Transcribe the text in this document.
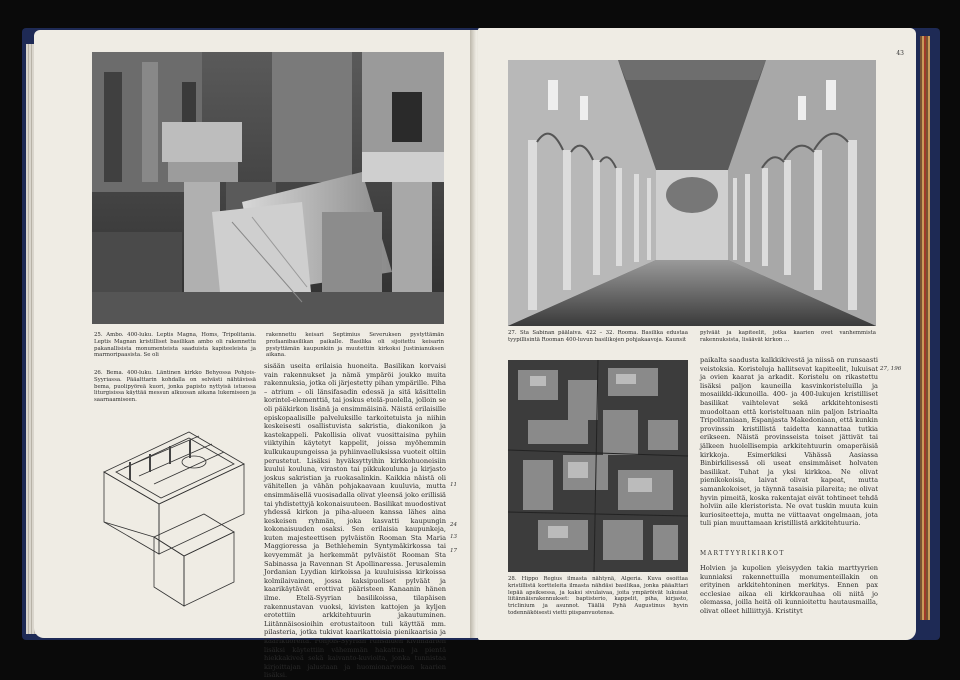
25. Ambo. 400-luku. Leptis Magna, Homs, Tripolitania. Leptis Magnan kristilliset basilikan ambo oli rakennettu pakanallisista monumenteista saaduista kapiteeleista ja marmoripaasista. Se oli
rakennettu keisari Septimius Severuksen pystyttämän profaanibasilikan paikalle. Basilika oli sijoitettu keisarin pystyttämän kaupunkiin ja muutettiin kirkoksi Justinianuksen aikana.
26. Bema. 400-luku. Läntinen kirkko Behyossa Pohjois-Syyriassa. Pääalttarin kohdalla on selvästi nähtävissä bema, puolipyöreä kuori, jonka papisto nyttyisä istuessa liturgisissa käyttää messun alkuosan aikana lukemiseen ja saarnaamiseen.
sisään useita erilaisia huoneita. Basilikan korvaisi vain rakennukset ja nämä ympäröi joukko muita rakennuksia, jotka oli järjestetty pihan ympärille. Piha – atrium – oli länsifasadin edessä ja sitä käsittelin korintel-elementtiä, tai joskus etelä-puolella, jolloin se oli pääkirkon lisänä ja ensimmäisinä. Näistä erilaisille episkopaalisille palveluksille tarkoitetuista ja niihin keskeisesti osallistuvista sakristia, diakonikon ja kastekappeli. Pakollisia olivat vuosittaisina pyhiin viiktyihin käytetyt kappelit, joissa myöhemmin kulkukaupungeissa ja pyhiinvaelluksissa vuoteit oltiin perustetut. Lisäksi hyväksyttyihin kirkkohuoneisiin kuului kouluna, viraston tai pikkukouluna ja kirjasto joskus sakristian ja ruokasalinkin. Kaikkia näistä oli vähitellen ja vähän pohjakaavaan kuuluvia, mutta ensimmäisellä vuosisadalla olivat yleensä joko erillisiä tai yhdistettyjä kokonaisuuteen. Basilikat muodostivat yhdessä kirkon ja piha-alueen kanssa lähes aina keskeisen ryhmän, joka kasvatti kaupungin kokonaisuuden osaksi. Sen erilaisia kaupunkeja, kuten majesteettisen pylväistön Rooman Sta Maria Maggioressa ja Bethlehemin Syntymäkirkossa tai kevyemmät ja herkemmät pylväistöt Rooman Sta Sabinassa ja Ravennan St Apollinaressa. Jerusalemin Jordanian Lyydian kirkoissa ja kuuluisissa kirkoissa kolmilaivainen, jossa kaksipuoliset pylväät ja kaarikäytävät erottivat pääristeen Kanaanin hänen ilme. Etelä-Syyrian basilikoissa, tilapäisen rakennustavan vuoksi, kivisten kattojen ja kyljen erotettiin arkkitehtuurin jakautuminen. Liitännäisosioihin erotustaitoon tuli käyttää mm. pilasteria, jotka tukivat kaarikattoisia pienikaarisia ja kaarikuoreita. Pohjois-Syyrian runsaiden kivimäärien lisäksi käytettiin vähemmän hakattua ja pientä hiekkakiveä sekä kaivanto-kuvioita, jonka tunnistaa kirjoittajan jalustaan ja huomionarvoisen kaarien lisäksi.
11
24
13
17
43
27. Sta Sabinan päälaiva. 422 – 32. Rooma. Basilika edustaa tyypillisintä Rooman 400-luvun basilikojen pohjakaavoja. Kaunsit
pylväät ja kapiteelit, jotka kaarien ovet vanhemmista rakennuksista, lisäävät kirkon ...
28. Hippo Regius ilmasta nähtynä, Algeria. Kuva osoittaa kristillistä kortteleita ilmasta nähdäsi basilikaa, jonka pääalttari lepää apsiksessa, ja kaksi sivulaivaa, joita ympäröivät lukuisat liitännäisrakennukset: baptisterio, kappelit, piha, kirjasto, triclinium ja asunnot. Täällä Pyhä Augustinus hyvin todennäköisesti vietti piispanvuotensa.
paikalta saadusta kalkkikivestä ja niissä on runsaasti veistoksia. Koristeluja hallitsevat kapiteelit, lukuisat ja ovien kaarat ja arkadit. Koristelu on rikastettu lisäksi paljon kauneilla kasvinkoristeluilla ja mosaiikki-ikkunoilla. 400- ja 400-lukujen kristilliset basilikat vaihtelevat sekä arkkitehtonisesti muodoltaan että koristeltuaan niin paljon Istriaalta Tripolitaniaan, Espanjasta Makedoniaan, että kunkin provinssin kristillistä taidetta kannattaa tutkia erikseen. Näistä provinsseista toiset jättivät tai jälkeen huolellisempia arkkitehtuurin omaperäisiä kirkkoja. Esimerkiksi Vähässä Aasiassa Binbirkilisessä oli useat ensimmäiset holvaten basilikat. Tuhat ja yksi kirkkoa. Ne olivat pienikokoisia, laivat olivat kapeat, mutta samankokoiset, ja täynnä tasaisia pilareita; ne olivat hyvin pimeitä, koska rakentajat eivät tohtineet tehdä holviin aile kleristorista. Ne ovat tuskin muuta kuin kuriositeetteja, mutta ne viittaavat ongelmaan, jota tuli pian muuttamaan kristillistä arkkitehtuuria.
27, 196
MARTTYYRIKIRKOT
Holvien ja kupolien yleisyyden takia marttyyrien kunniaksi rakennettuilla monumenteillakin on erityinen arkkitehtoninen merkitys. Ennen pax ecclesiae aikaa eli kirkkorauhaa oli niitä jo olemassa, joilla heitä oli kunnioitettu hautausmailla, olivat olleet hilliittyjä. Kristityt
